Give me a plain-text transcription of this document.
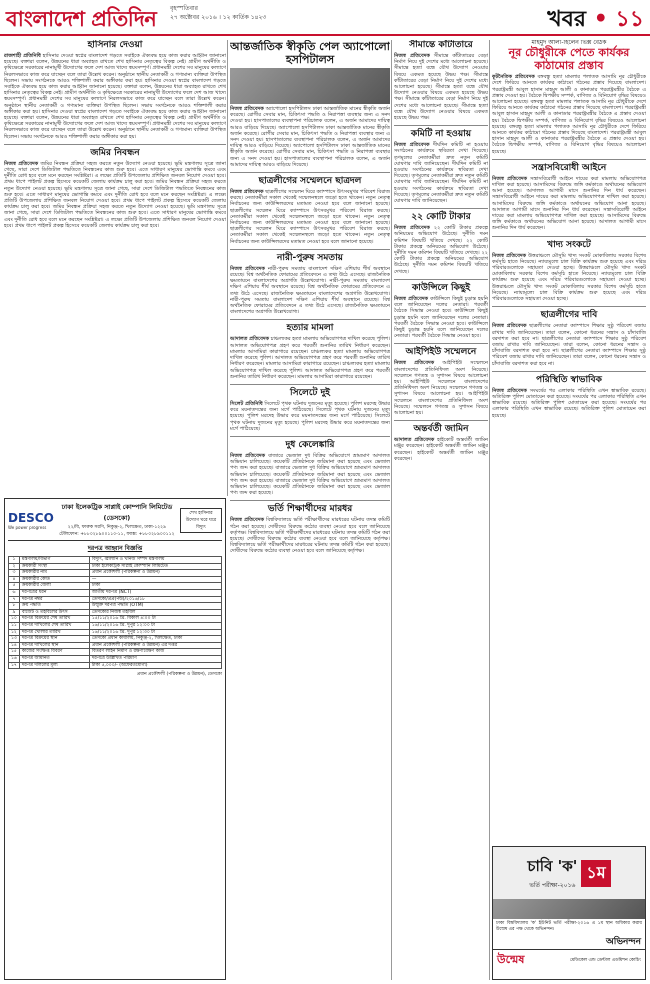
বাংলাদেশ প্রতিদিন বৃহস্পতিবার
২৭ অক্টোবর ২০১৬ । ১২ কার্তিক ১৪২৩	খবর • ১১
হাসিনার দেওয়া

রাজশাহী প্রতিনিধি হাসিনার দেওয়া স্বপ্নের বাংলাদেশ গড়তে সবাইকে ঐক্যবদ্ধ হয়ে কাজ করার আহ্বান জানানো হয়েছে। বক্তারা বলেন, উন্নয়নের ধারা অব্যাহত রাখতে শেখ হাসিনার নেতৃত্বের বিকল্প নেই। গ্রামীণ অর্থনীতি ও কৃষিক্ষেত্রে সরকারের নানামুখী উদ্যোগের ফলে দেশ আজ খাদ্যে স্বয়ংসম্পূর্ণ। প্রধানমন্ত্রী দেশের সব মানুষের কল্যাণে নিরলসভাবে কাজ করে যাচ্ছেন বলে তারা উল্লেখ করেন। অনুষ্ঠানে স্থানীয় নেতাকর্মী ও গণ্যমান্য ব্যক্তিরা উপস্থিত ছিলেন। সভায় সংগঠনকে আরও শক্তিশালী করার অঙ্গীকার করা হয়। হাসিনার দেওয়া স্বপ্নের বাংলাদেশ গড়তে সবাইকে ঐক্যবদ্ধ হয়ে কাজ করার আহ্বান জানানো হয়েছে। বক্তারা বলেন, উন্নয়নের ধারা অব্যাহত রাখতে শেখ হাসিনার নেতৃত্বের বিকল্প নেই। গ্রামীণ অর্থনীতি ও কৃষিক্ষেত্রে সরকারের নানামুখী উদ্যোগের ফলে দেশ আজ খাদ্যে স্বয়ংসম্পূর্ণ। প্রধানমন্ত্রী দেশের সব মানুষের কল্যাণে নিরলসভাবে কাজ করে যাচ্ছেন বলে তারা উল্লেখ করেন। অনুষ্ঠানে স্থানীয় নেতাকর্মী ও গণ্যমান্য ব্যক্তিরা উপস্থিত ছিলেন। সভায় সংগঠনকে আরও শক্তিশালী করার অঙ্গীকার করা হয়। হাসিনার দেওয়া স্বপ্নের বাংলাদেশ গড়তে সবাইকে ঐক্যবদ্ধ হয়ে কাজ করার আহ্বান জানানো হয়েছে। বক্তারা বলেন, উন্নয়নের ধারা অব্যাহত রাখতে শেখ হাসিনার নেতৃত্বের বিকল্প নেই। গ্রামীণ অর্থনীতি ও কৃষিক্ষেত্রে সরকারের নানামুখী উদ্যোগের ফলে দেশ আজ খাদ্যে স্বয়ংসম্পূর্ণ। প্রধানমন্ত্রী দেশের সব মানুষের কল্যাণে নিরলসভাবে কাজ করে যাচ্ছেন বলে তারা উল্লেখ করেন। অনুষ্ঠানে স্থানীয় নেতাকর্মী ও গণ্যমান্য ব্যক্তিরা উপস্থিত ছিলেন। সভায় সংগঠনকে আরও শক্তিশালী করার অঙ্গীকার করা হয়।

জমির নিবন্ধন

নিজস্ব প্রতিবেদক জমির নিবন্ধন প্রক্রিয়া সহজ করতে নতুন উদ্যোগ নেওয়া হয়েছে। ভূমি মন্ত্রণালয় সূত্রে জানা গেছে, সারা দেশে ডিজিটাল পদ্ধতিতে নিবন্ধনের কাজ শুরু হবে। এতে সাধারণ মানুষের ভোগান্তি কমবে এবং দুর্নীতি রোধ হবে বলে মনে করছেন সংশ্লিষ্টরা। এ লক্ষ্যে প্রতিটি উপজেলায় প্রশিক্ষিত জনবল নিয়োগ দেওয়া হবে। প্রথম ধাপে পাইলট প্রকল্প হিসেবে কয়েকটি জেলায় কার্যক্রম চালু করা হবে। জমির নিবন্ধন প্রক্রিয়া সহজ করতে নতুন উদ্যোগ নেওয়া হয়েছে। ভূমি মন্ত্রণালয় সূত্রে জানা গেছে, সারা দেশে ডিজিটাল পদ্ধতিতে নিবন্ধনের কাজ শুরু হবে। এতে সাধারণ মানুষের ভোগান্তি কমবে এবং দুর্নীতি রোধ হবে বলে মনে করছেন সংশ্লিষ্টরা। এ লক্ষ্যে প্রতিটি উপজেলায় প্রশিক্ষিত জনবল নিয়োগ দেওয়া হবে। প্রথম ধাপে পাইলট প্রকল্প হিসেবে কয়েকটি জেলায় কার্যক্রম চালু করা হবে। জমির নিবন্ধন প্রক্রিয়া সহজ করতে নতুন উদ্যোগ নেওয়া হয়েছে। ভূমি মন্ত্রণালয় সূত্রে জানা গেছে, সারা দেশে ডিজিটাল পদ্ধতিতে নিবন্ধনের কাজ শুরু হবে। এতে সাধারণ মানুষের ভোগান্তি কমবে এবং দুর্নীতি রোধ হবে বলে মনে করছেন সংশ্লিষ্টরা। এ লক্ষ্যে প্রতিটি উপজেলায় প্রশিক্ষিত জনবল নিয়োগ দেওয়া হবে। প্রথম ধাপে পাইলট প্রকল্প হিসেবে কয়েকটি জেলায় কার্যক্রম চালু করা হবে।

আন্তর্জাতিক স্বীকৃতি পেল অ্যাপোলো হসপিটালস

নিজস্ব প্রতিবেদক অ্যাপোলো হসপিটালস ঢাকা আন্তর্জাতিক মানের স্বীকৃতি অর্জন করেছে। রোগীর সেবার মান, চিকিৎসা পদ্ধতি ও নিরাপত্তা ব্যবস্থার জন্য এ সনদ দেওয়া হয়। হাসপাতালের ব্যবস্থাপনা পরিচালক বলেন, এ অর্জন আমাদের দায়িত্ব আরও বাড়িয়ে দিয়েছে। অ্যাপোলো হসপিটালস ঢাকা আন্তর্জাতিক মানের স্বীকৃতি অর্জন করেছে। রোগীর সেবার মান, চিকিৎসা পদ্ধতি ও নিরাপত্তা ব্যবস্থার জন্য এ সনদ দেওয়া হয়। হাসপাতালের ব্যবস্থাপনা পরিচালক বলেন, এ অর্জন আমাদের দায়িত্ব আরও বাড়িয়ে দিয়েছে। অ্যাপোলো হসপিটালস ঢাকা আন্তর্জাতিক মানের স্বীকৃতি অর্জন করেছে। রোগীর সেবার মান, চিকিৎসা পদ্ধতি ও নিরাপত্তা ব্যবস্থার জন্য এ সনদ দেওয়া হয়। হাসপাতালের ব্যবস্থাপনা পরিচালক বলেন, এ অর্জন আমাদের দায়িত্ব আরও বাড়িয়ে দিয়েছে।

ছাত্রলীগের সম্মেলনে ছাত্রদল

নিজস্ব প্রতিবেদক ছাত্রলীগের সম্মেলন ঘিরে ক্যাম্পাসে উৎসবমুখর পরিবেশ বিরাজ করছে। নেতাকর্মীরা সকাল থেকেই সম্মেলনস্থলে জড়ো হতে থাকেন। নতুন নেতৃত্ব নির্বাচনের জন্য কাউন্সিলরদের মতামত নেওয়া হবে বলে জানানো হয়েছে। ছাত্রলীগের সম্মেলন ঘিরে ক্যাম্পাসে উৎসবমুখর পরিবেশ বিরাজ করছে। নেতাকর্মীরা সকাল থেকেই সম্মেলনস্থলে জড়ো হতে থাকেন। নতুন নেতৃত্ব নির্বাচনের জন্য কাউন্সিলরদের মতামত নেওয়া হবে বলে জানানো হয়েছে। ছাত্রলীগের সম্মেলন ঘিরে ক্যাম্পাসে উৎসবমুখর পরিবেশ বিরাজ করছে। নেতাকর্মীরা সকাল থেকেই সম্মেলনস্থলে জড়ো হতে থাকেন। নতুন নেতৃত্ব নির্বাচনের জন্য কাউন্সিলরদের মতামত নেওয়া হবে বলে জানানো হয়েছে।

নারী-পুরুষ সমতায়

নিজস্ব প্রতিবেদক নারী-পুরুষ সমতায় বাংলাদেশ দক্ষিণ এশিয়ায় শীর্ষ অবস্থানে রয়েছে। বিশ্ব অর্থনৈতিক ফোরামের প্রতিবেদনে এ তথ্য উঠে এসেছে। রাজনৈতিক ক্ষমতায়নে বাংলাদেশের অগ্রগতি উল্লেখযোগ্য। নারী-পুরুষ সমতায় বাংলাদেশ দক্ষিণ এশিয়ায় শীর্ষ অবস্থানে রয়েছে। বিশ্ব অর্থনৈতিক ফোরামের প্রতিবেদনে এ তথ্য উঠে এসেছে। রাজনৈতিক ক্ষমতায়নে বাংলাদেশের অগ্রগতি উল্লেখযোগ্য। নারী-পুরুষ সমতায় বাংলাদেশ দক্ষিণ এশিয়ায় শীর্ষ অবস্থানে রয়েছে। বিশ্ব অর্থনৈতিক ফোরামের প্রতিবেদনে এ তথ্য উঠে এসেছে। রাজনৈতিক ক্ষমতায়নে বাংলাদেশের অগ্রগতি উল্লেখযোগ্য।

হত্যার মামলা

আদালত প্রতিবেদক চাঞ্চল্যকর হত্যা মামলায় অভিযোগপত্র দাখিল করেছে পুলিশ। আদালত অভিযোগপত্র গ্রহণ করে পরবর্তী শুনানির তারিখ নির্ধারণ করেছেন। মামলার আসামিরা কারাগারে রয়েছেন। চাঞ্চল্যকর হত্যা মামলায় অভিযোগপত্র দাখিল করেছে পুলিশ। আদালত অভিযোগপত্র গ্রহণ করে পরবর্তী শুনানির তারিখ নির্ধারণ করেছেন। মামলার আসামিরা কারাগারে রয়েছেন। চাঞ্চল্যকর হত্যা মামলায় অভিযোগপত্র দাখিল করেছে পুলিশ। আদালত অভিযোগপত্র গ্রহণ করে পরবর্তী শুনানির তারিখ নির্ধারণ করেছেন। মামলার আসামিরা কারাগারে রয়েছেন।

সিলেটে দুই

সিলেট প্রতিনিধি সিলেটে পৃথক ঘটনায় দুজনের মৃত্যু হয়েছে। পুলিশ মরদেহ উদ্ধার করে ময়নাতদন্তের জন্য মর্গে পাঠিয়েছে। সিলেটে পৃথক ঘটনায় দুজনের মৃত্যু হয়েছে। পুলিশ মরদেহ উদ্ধার করে ময়নাতদন্তের জন্য মর্গে পাঠিয়েছে। সিলেটে পৃথক ঘটনায় দুজনের মৃত্যু হয়েছে। পুলিশ মরদেহ উদ্ধার করে ময়নাতদন্তের জন্য মর্গে পাঠিয়েছে।

দুধ কেলেঙ্কারি

নিজস্ব প্রতিবেদক বাজারে ভেজাল দুধ বিক্রির অভিযোগে ভ্রাম্যমাণ আদালত অভিযান চালিয়েছে। কয়েকটি প্রতিষ্ঠানকে জরিমানা করা হয়েছে এবং ভেজাল পণ্য জব্দ করা হয়েছে। বাজারে ভেজাল দুধ বিক্রির অভিযোগে ভ্রাম্যমাণ আদালত অভিযান চালিয়েছে। কয়েকটি প্রতিষ্ঠানকে জরিমানা করা হয়েছে এবং ভেজাল পণ্য জব্দ করা হয়েছে। বাজারে ভেজাল দুধ বিক্রির অভিযোগে ভ্রাম্যমাণ আদালত অভিযান চালিয়েছে। কয়েকটি প্রতিষ্ঠানকে জরিমানা করা হয়েছে এবং ভেজাল পণ্য জব্দ করা হয়েছে।

ভর্তি শিক্ষার্থীদের মারধর

নিজস্ব প্রতিবেদক বিশ্ববিদ্যালয়ে ভর্তি পরীক্ষার্থীদের মারধরের ঘটনায় তদন্ত কমিটি গঠন করা হয়েছে। দোষীদের বিরুদ্ধে কঠোর ব্যবস্থা নেওয়া হবে বলে জানিয়েছে কর্তৃপক্ষ। বিশ্ববিদ্যালয়ে ভর্তি পরীক্ষার্থীদের মারধরের ঘটনায় তদন্ত কমিটি গঠন করা হয়েছে। দোষীদের বিরুদ্ধে কঠোর ব্যবস্থা নেওয়া হবে বলে জানিয়েছে কর্তৃপক্ষ। বিশ্ববিদ্যালয়ে ভর্তি পরীক্ষার্থীদের মারধরের ঘটনায় তদন্ত কমিটি গঠন করা হয়েছে। দোষীদের বিরুদ্ধে কঠোর ব্যবস্থা নেওয়া হবে বলে জানিয়েছে কর্তৃপক্ষ।

সীমান্তে কাঁটাতারে

নিজস্ব প্রতিবেদক সীমান্তে কাঁটাতারের বেড়া নির্মাণ নিয়ে দুই দেশের মধ্যে আলোচনা হয়েছে। সীমান্তে হত্যা বন্ধে যৌথ উদ্যোগ নেওয়ার বিষয়ে একমত হয়েছে উভয় পক্ষ। সীমান্তে কাঁটাতারের বেড়া নির্মাণ নিয়ে দুই দেশের মধ্যে আলোচনা হয়েছে। সীমান্তে হত্যা বন্ধে যৌথ উদ্যোগ নেওয়ার বিষয়ে একমত হয়েছে উভয় পক্ষ। সীমান্তে কাঁটাতারের বেড়া নির্মাণ নিয়ে দুই দেশের মধ্যে আলোচনা হয়েছে। সীমান্তে হত্যা বন্ধে যৌথ উদ্যোগ নেওয়ার বিষয়ে একমত হয়েছে উভয় পক্ষ।

কমিটি না হওয়ায়

নিজস্ব প্রতিবেদক দীর্ঘদিন কমিটি না হওয়ায় সংগঠনের কার্যক্রমে স্থবিরতা দেখা দিয়েছে। তৃণমূলের নেতাকর্মীরা দ্রুত নতুন কমিটি ঘোষণার দাবি জানিয়েছেন। দীর্ঘদিন কমিটি না হওয়ায় সংগঠনের কার্যক্রমে স্থবিরতা দেখা দিয়েছে। তৃণমূলের নেতাকর্মীরা দ্রুত নতুন কমিটি ঘোষণার দাবি জানিয়েছেন। দীর্ঘদিন কমিটি না হওয়ায় সংগঠনের কার্যক্রমে স্থবিরতা দেখা দিয়েছে। তৃণমূলের নেতাকর্মীরা দ্রুত নতুন কমিটি ঘোষণার দাবি জানিয়েছেন।

২২ কোটি টাকার

নিজস্ব প্রতিবেদক ২২ কোটি টাকার প্রকল্পে অনিয়মের অভিযোগ উঠেছে। দুর্নীতি দমন কমিশন বিষয়টি খতিয়ে দেখছে। ২২ কোটি টাকার প্রকল্পে অনিয়মের অভিযোগ উঠেছে। দুর্নীতি দমন কমিশন বিষয়টি খতিয়ে দেখছে। ২২ কোটি টাকার প্রকল্পে অনিয়মের অভিযোগ উঠেছে। দুর্নীতি দমন কমিশন বিষয়টি খতিয়ে দেখছে।

কাউন্সিলে কিছুই

নিজস্ব প্রতিবেদক কাউন্সিলে কিছুই চূড়ান্ত হয়নি বলে জানিয়েছেন দলের নেতারা। পরবর্তী বৈঠকে সিদ্ধান্ত নেওয়া হবে। কাউন্সিলে কিছুই চূড়ান্ত হয়নি বলে জানিয়েছেন দলের নেতারা। পরবর্তী বৈঠকে সিদ্ধান্ত নেওয়া হবে। কাউন্সিলে কিছুই চূড়ান্ত হয়নি বলে জানিয়েছেন দলের নেতারা। পরবর্তী বৈঠকে সিদ্ধান্ত নেওয়া হবে।

আইপিইউ সম্মেলনে

নিজস্ব প্রতিবেদক আইপিইউ সম্মেলনে বাংলাদেশের প্রতিনিধিদল অংশ নিয়েছে। সম্মেলনে গণতন্ত্র ও সুশাসন বিষয়ে আলোচনা হয়। আইপিইউ সম্মেলনে বাংলাদেশের প্রতিনিধিদল অংশ নিয়েছে। সম্মেলনে গণতন্ত্র ও সুশাসন বিষয়ে আলোচনা হয়। আইপিইউ সম্মেলনে বাংলাদেশের প্রতিনিধিদল অংশ নিয়েছে। সম্মেলনে গণতন্ত্র ও সুশাসন বিষয়ে আলোচনা হয়।

অন্তর্বর্তী জামিন

আদালত প্রতিবেদক হাইকোর্ট অন্তর্বর্তী জামিন মঞ্জুর করেছেন। হাইকোর্ট অন্তর্বর্তী জামিন মঞ্জুর করেছেন। হাইকোর্ট অন্তর্বর্তী জামিন মঞ্জুর করেছেন।

মাহমুদ আলী-হিলেন ভিক্স বৈঠক
নূর চৌধুরীকে পেতে কার্যকর কাঠামোর প্রস্তাব

কূটনৈতিক প্রতিবেদক বঙ্গবন্ধু হত্যা মামলার পলাতক আসামি নূর চৌধুরীকে দেশে ফিরিয়ে আনতে কার্যকর কাঠামো গঠনের প্রস্তাব দিয়েছে বাংলাদেশ। পররাষ্ট্রমন্ত্রী আবুল হাসান মাহমুদ আলী ও কানাডার পররাষ্ট্রমন্ত্রীর বৈঠকে এ প্রস্তাব দেওয়া হয়। বৈঠকে দ্বিপক্ষীয় সম্পর্ক, বাণিজ্য ও বিনিয়োগ বৃদ্ধির বিষয়েও আলোচনা হয়েছে। বঙ্গবন্ধু হত্যা মামলার পলাতক আসামি নূর চৌধুরীকে দেশে ফিরিয়ে আনতে কার্যকর কাঠামো গঠনের প্রস্তাব দিয়েছে বাংলাদেশ। পররাষ্ট্রমন্ত্রী আবুল হাসান মাহমুদ আলী ও কানাডার পররাষ্ট্রমন্ত্রীর বৈঠকে এ প্রস্তাব দেওয়া হয়। বৈঠকে দ্বিপক্ষীয় সম্পর্ক, বাণিজ্য ও বিনিয়োগ বৃদ্ধির বিষয়েও আলোচনা হয়েছে। বঙ্গবন্ধু হত্যা মামলার পলাতক আসামি নূর চৌধুরীকে দেশে ফিরিয়ে আনতে কার্যকর কাঠামো গঠনের প্রস্তাব দিয়েছে বাংলাদেশ। পররাষ্ট্রমন্ত্রী আবুল হাসান মাহমুদ আলী ও কানাডার পররাষ্ট্রমন্ত্রীর বৈঠকে এ প্রস্তাব দেওয়া হয়। বৈঠকে দ্বিপক্ষীয় সম্পর্ক, বাণিজ্য ও বিনিয়োগ বৃদ্ধির বিষয়েও আলোচনা হয়েছে।

সন্ত্রাসবিরোধী আইনে

নিজস্ব প্রতিবেদক সন্ত্রাসবিরোধী আইনে দায়ের করা মামলায় অভিযোগপত্র দাখিল করা হয়েছে। আসামিদের বিরুদ্ধে জঙ্গি কর্মকাণ্ডে অর্থায়নের অভিযোগ আনা হয়েছে। আদালত আগামী মাসে শুনানির দিন ধার্য করেছেন। সন্ত্রাসবিরোধী আইনে দায়ের করা মামলায় অভিযোগপত্র দাখিল করা হয়েছে। আসামিদের বিরুদ্ধে জঙ্গি কর্মকাণ্ডে অর্থায়নের অভিযোগ আনা হয়েছে। আদালত আগামী মাসে শুনানির দিন ধার্য করেছেন। সন্ত্রাসবিরোধী আইনে দায়ের করা মামলায় অভিযোগপত্র দাখিল করা হয়েছে। আসামিদের বিরুদ্ধে জঙ্গি কর্মকাণ্ডে অর্থায়নের অভিযোগ আনা হয়েছে। আদালত আগামী মাসে শুনানির দিন ধার্য করেছেন।

খাদ্য সংকটে

নিজস্ব প্রতিবেদক উত্তরাঞ্চলে মৌসুমি খাদ্য সংকট মোকাবিলায় সরকার বিশেষ কর্মসূচি হাতে নিয়েছে। ন্যায্যমূল্যে চাল বিক্রি কার্যক্রম শুরু হয়েছে এবং দরিদ্র পরিবারগুলোকে সহায়তা দেওয়া হচ্ছে। উত্তরাঞ্চলে মৌসুমি খাদ্য সংকট মোকাবিলায় সরকার বিশেষ কর্মসূচি হাতে নিয়েছে। ন্যায্যমূল্যে চাল বিক্রি কার্যক্রম শুরু হয়েছে এবং দরিদ্র পরিবারগুলোকে সহায়তা দেওয়া হচ্ছে। উত্তরাঞ্চলে মৌসুমি খাদ্য সংকট মোকাবিলায় সরকার বিশেষ কর্মসূচি হাতে নিয়েছে। ন্যায্যমূল্যে চাল বিক্রি কার্যক্রম শুরু হয়েছে এবং দরিদ্র পরিবারগুলোকে সহায়তা দেওয়া হচ্ছে।

ছাত্রলীগের দাবি

নিজস্ব প্রতিবেদক ছাত্রলীগের নেতারা ক্যাম্পাসে শিক্ষার সুষ্ঠু পরিবেশ বজায় রাখার দাবি জানিয়েছেন। তারা বলেন, কোনো ধরনের সন্ত্রাস ও চাঁদাবাজি বরদাশত করা হবে না। ছাত্রলীগের নেতারা ক্যাম্পাসে শিক্ষার সুষ্ঠু পরিবেশ বজায় রাখার দাবি জানিয়েছেন। তারা বলেন, কোনো ধরনের সন্ত্রাস ও চাঁদাবাজি বরদাশত করা হবে না। ছাত্রলীগের নেতারা ক্যাম্পাসে শিক্ষার সুষ্ঠু পরিবেশ বজায় রাখার দাবি জানিয়েছেন। তারা বলেন, কোনো ধরনের সন্ত্রাস ও চাঁদাবাজি বরদাশত করা হবে না।

পরিস্থিতি স্বাভাবিক

নিজস্ব প্রতিবেদক সংঘর্ষের পর এলাকার পরিস্থিতি এখন স্বাভাবিক রয়েছে। অতিরিক্ত পুলিশ মোতায়েন করা হয়েছে। সংঘর্ষের পর এলাকার পরিস্থিতি এখন স্বাভাবিক রয়েছে। অতিরিক্ত পুলিশ মোতায়েন করা হয়েছে। সংঘর্ষের পর এলাকার পরিস্থিতি এখন স্বাভাবিক রয়েছে। অতিরিক্ত পুলিশ মোতায়েন করা হয়েছে।

DESCO
We power progress
ঢাকা ইলেকট্রিক সাপ্লাই কোম্পানি লিমিটেড (ডেসকো)
২২/বি, ফারুক সরণি, নিকুঞ্জ-২, খিলক্ষেত, ঢাকা-১২২৯
টেলিফোন: +৮৮০২৮৯০০১১০-১১, ফ্যাক্স: +৮৮০২৮৯০০১১২
শেখ হাসিনার উদ্যোগ ঘরে ঘরে বিদ্যুৎ
দরপত্র আহ্বান বিজ্ঞপ্তি
১	মন্ত্রণালয়/বিভাগ	বিদ্যুৎ, জ্বালানি ও খনিজ সম্পদ মন্ত্রণালয়
২	ক্রয়কারী সংস্থা	ঢাকা ইলেকট্রিক সাপ্লাই কোম্পানি লিমিটেড
৩	ক্রয়কারীর নাম	প্রধান প্রকৌশলী (পরিকল্পনা ও উন্নয়ন)
৪	ক্রয়কারীর কোড	—
৫	ক্রয়কারীর জেলা	ঢাকা
৬	দরপত্রের ধরন	জাতীয় দরপত্র (NCT)
৭	দরপত্র নম্বর	ডেসকো/প্রপ্র(পউ)/২০১৬/১৮
৮	ক্রয় পদ্ধতি	উন্মুক্ত দরপত্র পদ্ধতি (OTM)
৯	বাজেট ও তহবিলের উৎস	ডেসকোর নিজস্ব তহবিল
১০	দরপত্র বিক্রয়ের শেষ তারিখ	১৫/১১/২০১৬ খ্রি. বিকাল ৪:০০ টা
১১	দরপত্র দাখিলের শেষ তারিখ	১৬/১১/২০১৬ খ্রি. দুপুর ১২:০০ টা
১২	দরপত্র খোলার তারিখ	১৬/১১/২০১৬ খ্রি. দুপুর ১২:৩০ টা
১৩	দরপত্র বিক্রয়ের স্থান	ডেসকো প্রধান কার্যালয়, নিকুঞ্জ-২, খিলক্ষেত, ঢাকা
১৪	দরপত্র দাখিলের স্থান	প্রধান প্রকৌশলী (পরিকল্পনা ও উন্নয়ন) এর দপ্তর
১৫	কাজের সংক্ষিপ্ত বিবরণ	বিতরণ লাইন নির্মাণ ও রক্ষণাবেক্ষণ কাজ
১৬	দরপত্র জামানত	দরপত্রে উল্লিখিত পরিমাণ
১৭	দরপত্র দলিলের মূল্য	টাকা ৫,০০০/- (অফেরতযোগ্য)
প্রধান প্রকৌশলী (পরিকল্পনা ও উন্নয়ন), ডেসকো
চাবি 'ক'
ভর্তি পরীক্ষা-২০১৬
১ম
ঢাকা বিশ্ববিদ্যালয় 'ক' ইউনিট ভর্তি পরীক্ষা-২০১৬ এ ১ম স্থান অধিকার করায় উন্মেষ এর পক্ষ থেকে অভিনন্দন।
অভিনন্দন
উন্মেষ	মেডিকেল এন্ড ডেন্টাল এডমিশন কোচিং
